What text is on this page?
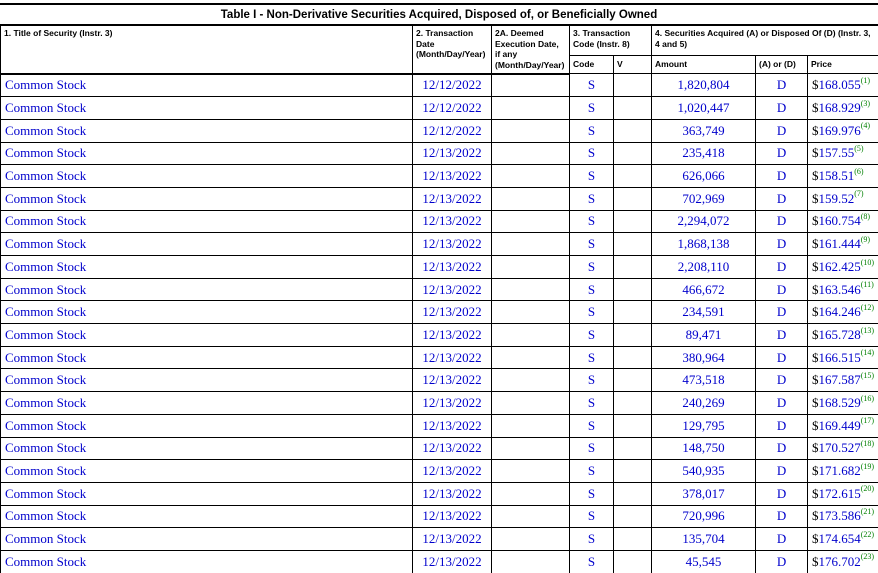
Table I - Non-Derivative Securities Acquired, Disposed of, or Beneficially Owned
1. Title of Security (Instr. 3)	2. Transaction Date (Month/Day/Year)	2A. Deemed Execution Date, if any (Month/Day/Year)	3. Transaction Code (Instr. 8)		4. Securities Acquired (A) or Disposed Of (D) (Instr. 3, 4 and 5)		
			Code	V	Amount	(A) or (D)	Price
Common Stock	12/12/2022		S		1,820,804	D	$168.055$^{(1)}$
Common Stock	12/12/2022		S		1,020,447	D	$168.929$^{(3)}$
Common Stock	12/12/2022		S		363,749	D	$169.976$^{(4)}$
Common Stock	12/13/2022		S		235,418	D	$157.55$^{(5)}$
Common Stock	12/13/2022		S		626,066	D	$158.51$^{(6)}$
Common Stock	12/13/2022		S		702,969	D	$159.52$^{(7)}$
Common Stock	12/13/2022		S		2,294,072	D	$160.754$^{(8)}$
Common Stock	12/13/2022		S		1,868,138	D	$161.444$^{(9)}$
Common Stock	12/13/2022		S		2,208,110	D	$162.425$^{(10)}$
Common Stock	12/13/2022		S		466,672	D	$163.546$^{(11)}$
Common Stock	12/13/2022		S		234,591	D	$164.246$^{(12)}$
Common Stock	12/13/2022		S		89,471	D	$165.728$^{(13)}$
Common Stock	12/13/2022		S		380,964	D	$166.515$^{(14)}$
Common Stock	12/13/2022		S		473,518	D	$167.587$^{(15)}$
Common Stock	12/13/2022		S		240,269	D	$168.529$^{(16)}$
Common Stock	12/13/2022		S		129,795	D	$169.449$^{(17)}$
Common Stock	12/13/2022		S		148,750	D	$170.527$^{(18)}$
Common Stock	12/13/2022		S		540,935	D	$171.682$^{(19)}$
Common Stock	12/13/2022		S		378,017	D	$172.615$^{(20)}$
Common Stock	12/13/2022		S		720,996	D	$173.586$^{(21)}$
Common Stock	12/13/2022		S		135,704	D	$174.654$^{(22)}$
Common Stock	12/13/2022		S		45,545	D	$176.702$^{(23)}$
